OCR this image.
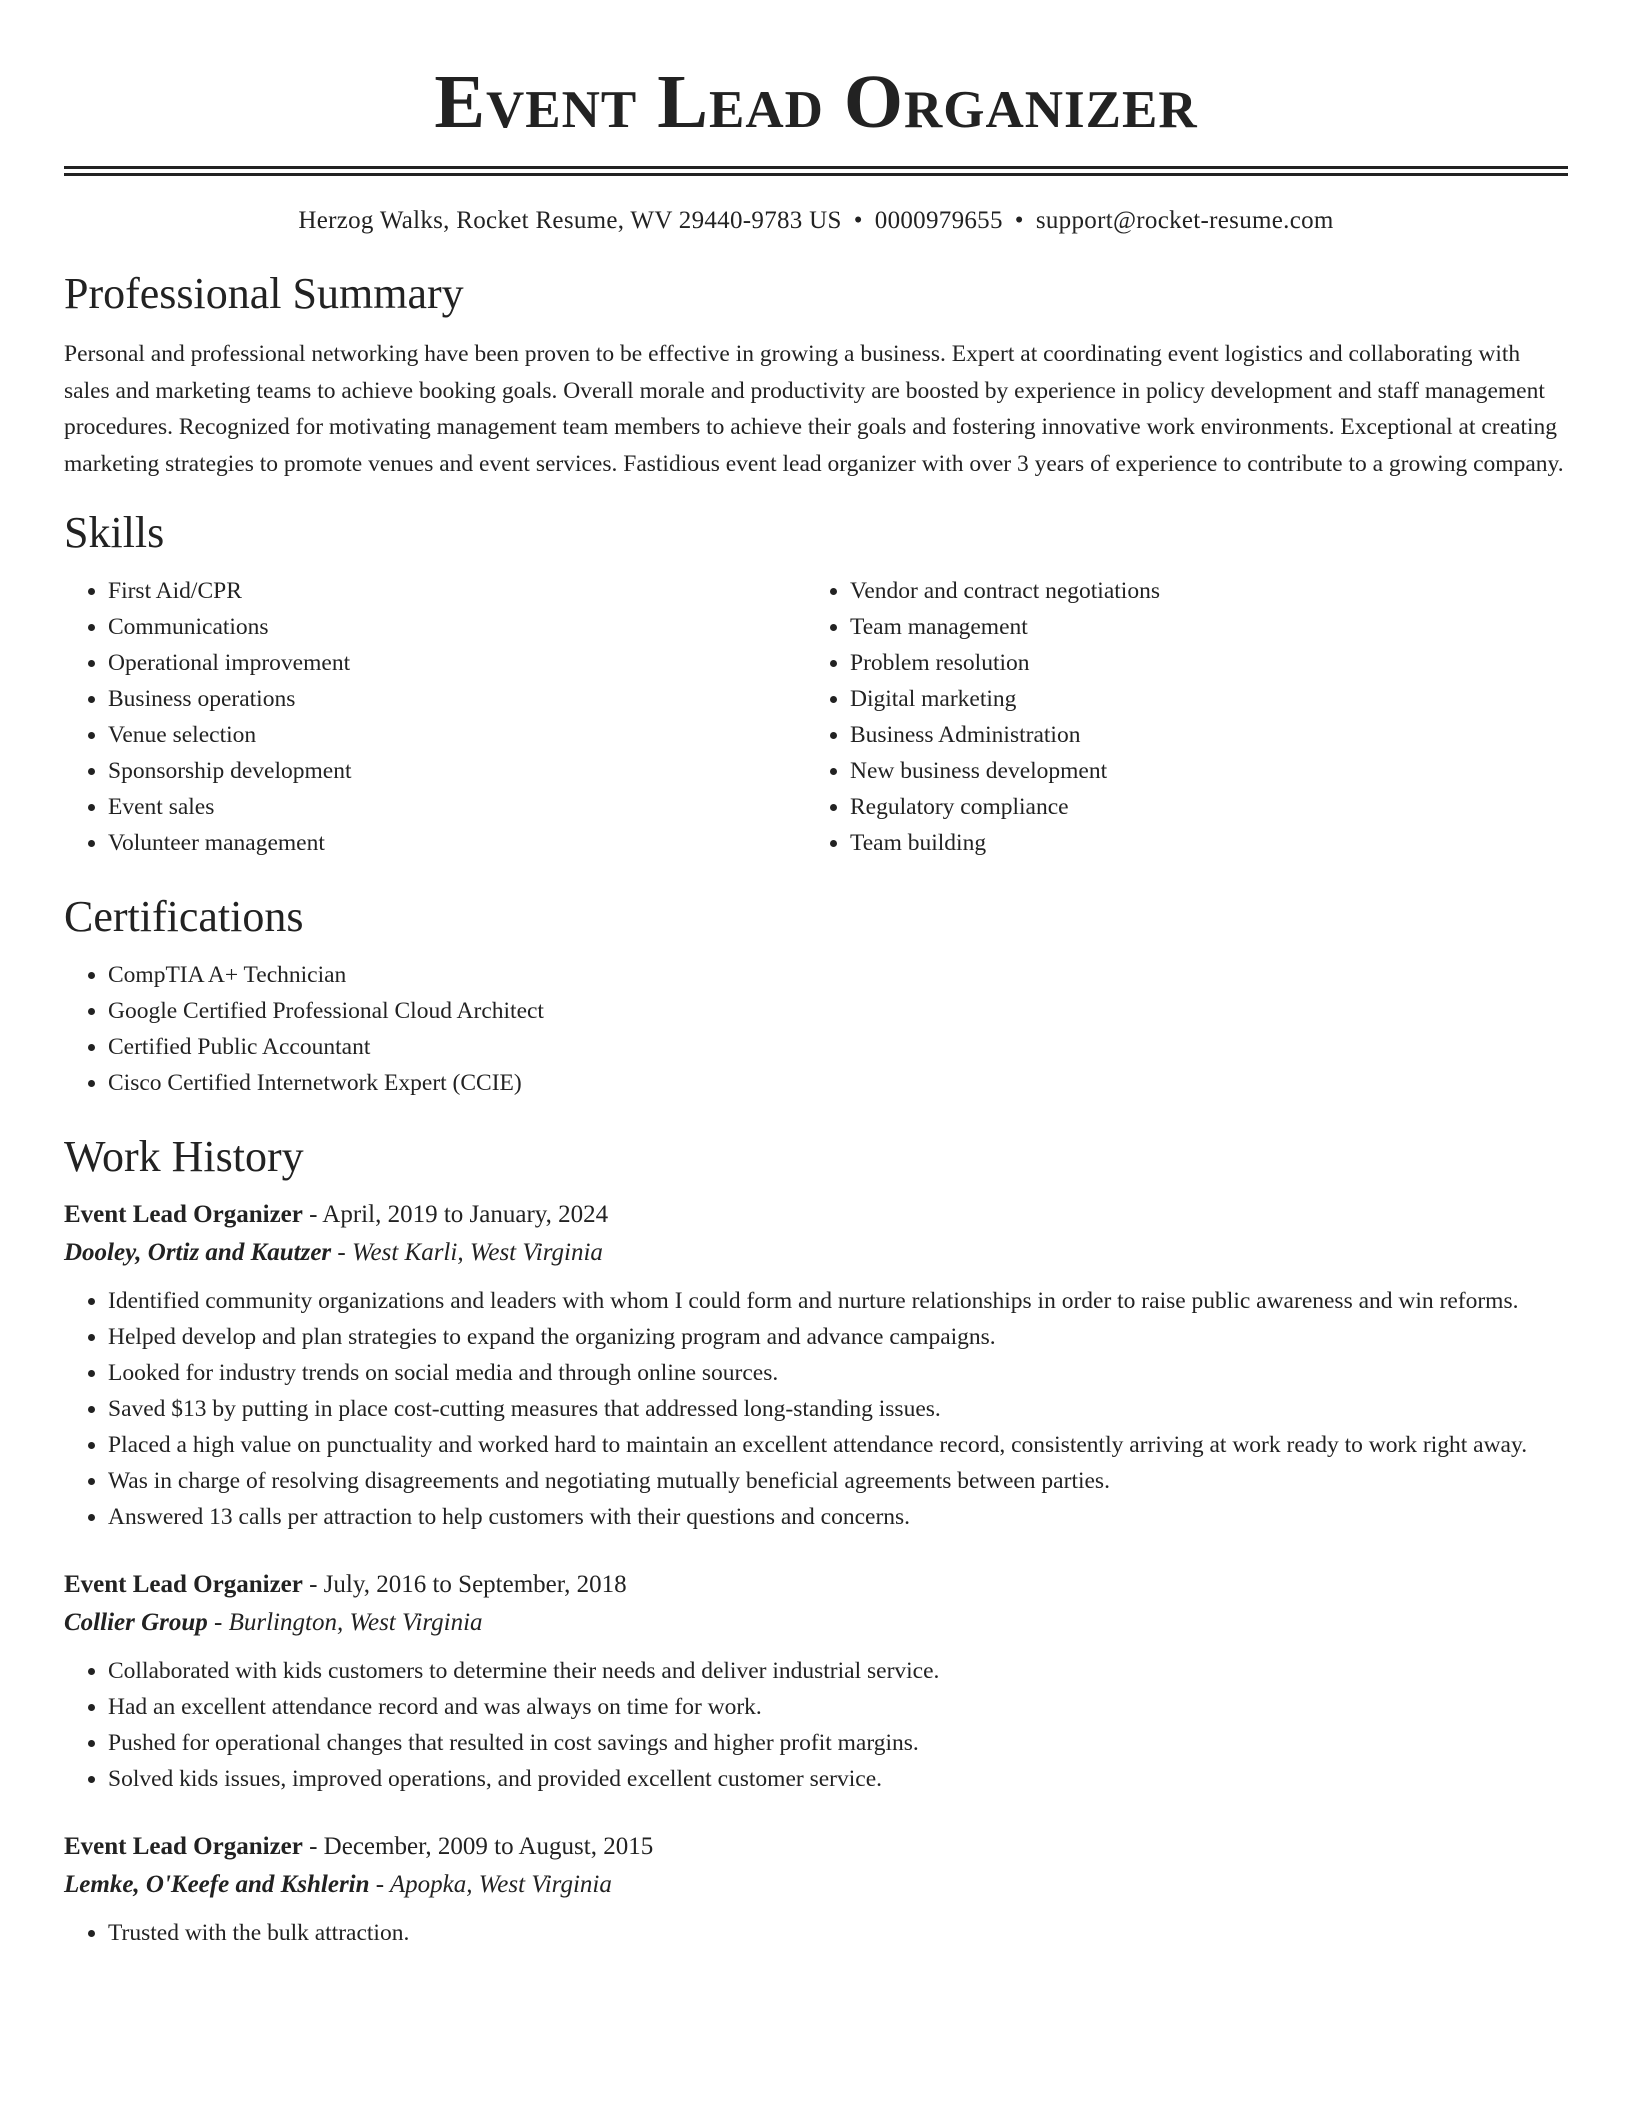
Event Lead Organizer
Herzog Walks, Rocket Resume, WV 29440-9783 US • 0000979655 • support@rocket-resume.com
Professional Summary

Personal and professional networking have been proven to be effective in growing a business. Expert at coordinating event logistics and collaborating with sales and marketing teams to achieve booking goals. Overall morale and productivity are boosted by experience in policy development and staff management procedures. Recognized for motivating management team members to achieve their goals and fostering innovative work environments. Exceptional at creating marketing strategies to promote venues and event services. Fastidious event lead organizer with over 3 years of experience to contribute to a growing company.

Skills
• First Aid/CPR
• Communications
• Operational improvement
• Business operations
• Venue selection
• Sponsorship development
• Event sales
• Volunteer management
• Vendor and contract negotiations
• Team management
• Problem resolution
• Digital marketing
• Business Administration
• New business development
• Regulatory compliance
• Team building
Certifications
• CompTIA A+ Technician
• Google Certified Professional Cloud Architect
• Certified Public Accountant
• Cisco Certified Internetwork Expert (CCIE)
Work History
Event Lead Organizer - April, 2019 to January, 2024
Dooley, Ortiz and Kautzer - West Karli, West Virginia
• Identified community organizations and leaders with whom I could form and nurture relationships in order to raise public awareness and win reforms.
• Helped develop and plan strategies to expand the organizing program and advance campaigns.
• Looked for industry trends on social media and through online sources.
• Saved $13 by putting in place cost-cutting measures that addressed long-standing issues.
• Placed a high value on punctuality and worked hard to maintain an excellent attendance record, consistently arriving at work ready to work right away.
• Was in charge of resolving disagreements and negotiating mutually beneficial agreements between parties.
• Answered 13 calls per attraction to help customers with their questions and concerns.
Event Lead Organizer - July, 2016 to September, 2018
Collier Group - Burlington, West Virginia
• Collaborated with kids customers to determine their needs and deliver industrial service.
• Had an excellent attendance record and was always on time for work.
• Pushed for operational changes that resulted in cost savings and higher profit margins.
• Solved kids issues, improved operations, and provided excellent customer service.
Event Lead Organizer - December, 2009 to August, 2015
Lemke, O'Keefe and Kshlerin - Apopka, West Virginia
• Trusted with the bulk attraction.
